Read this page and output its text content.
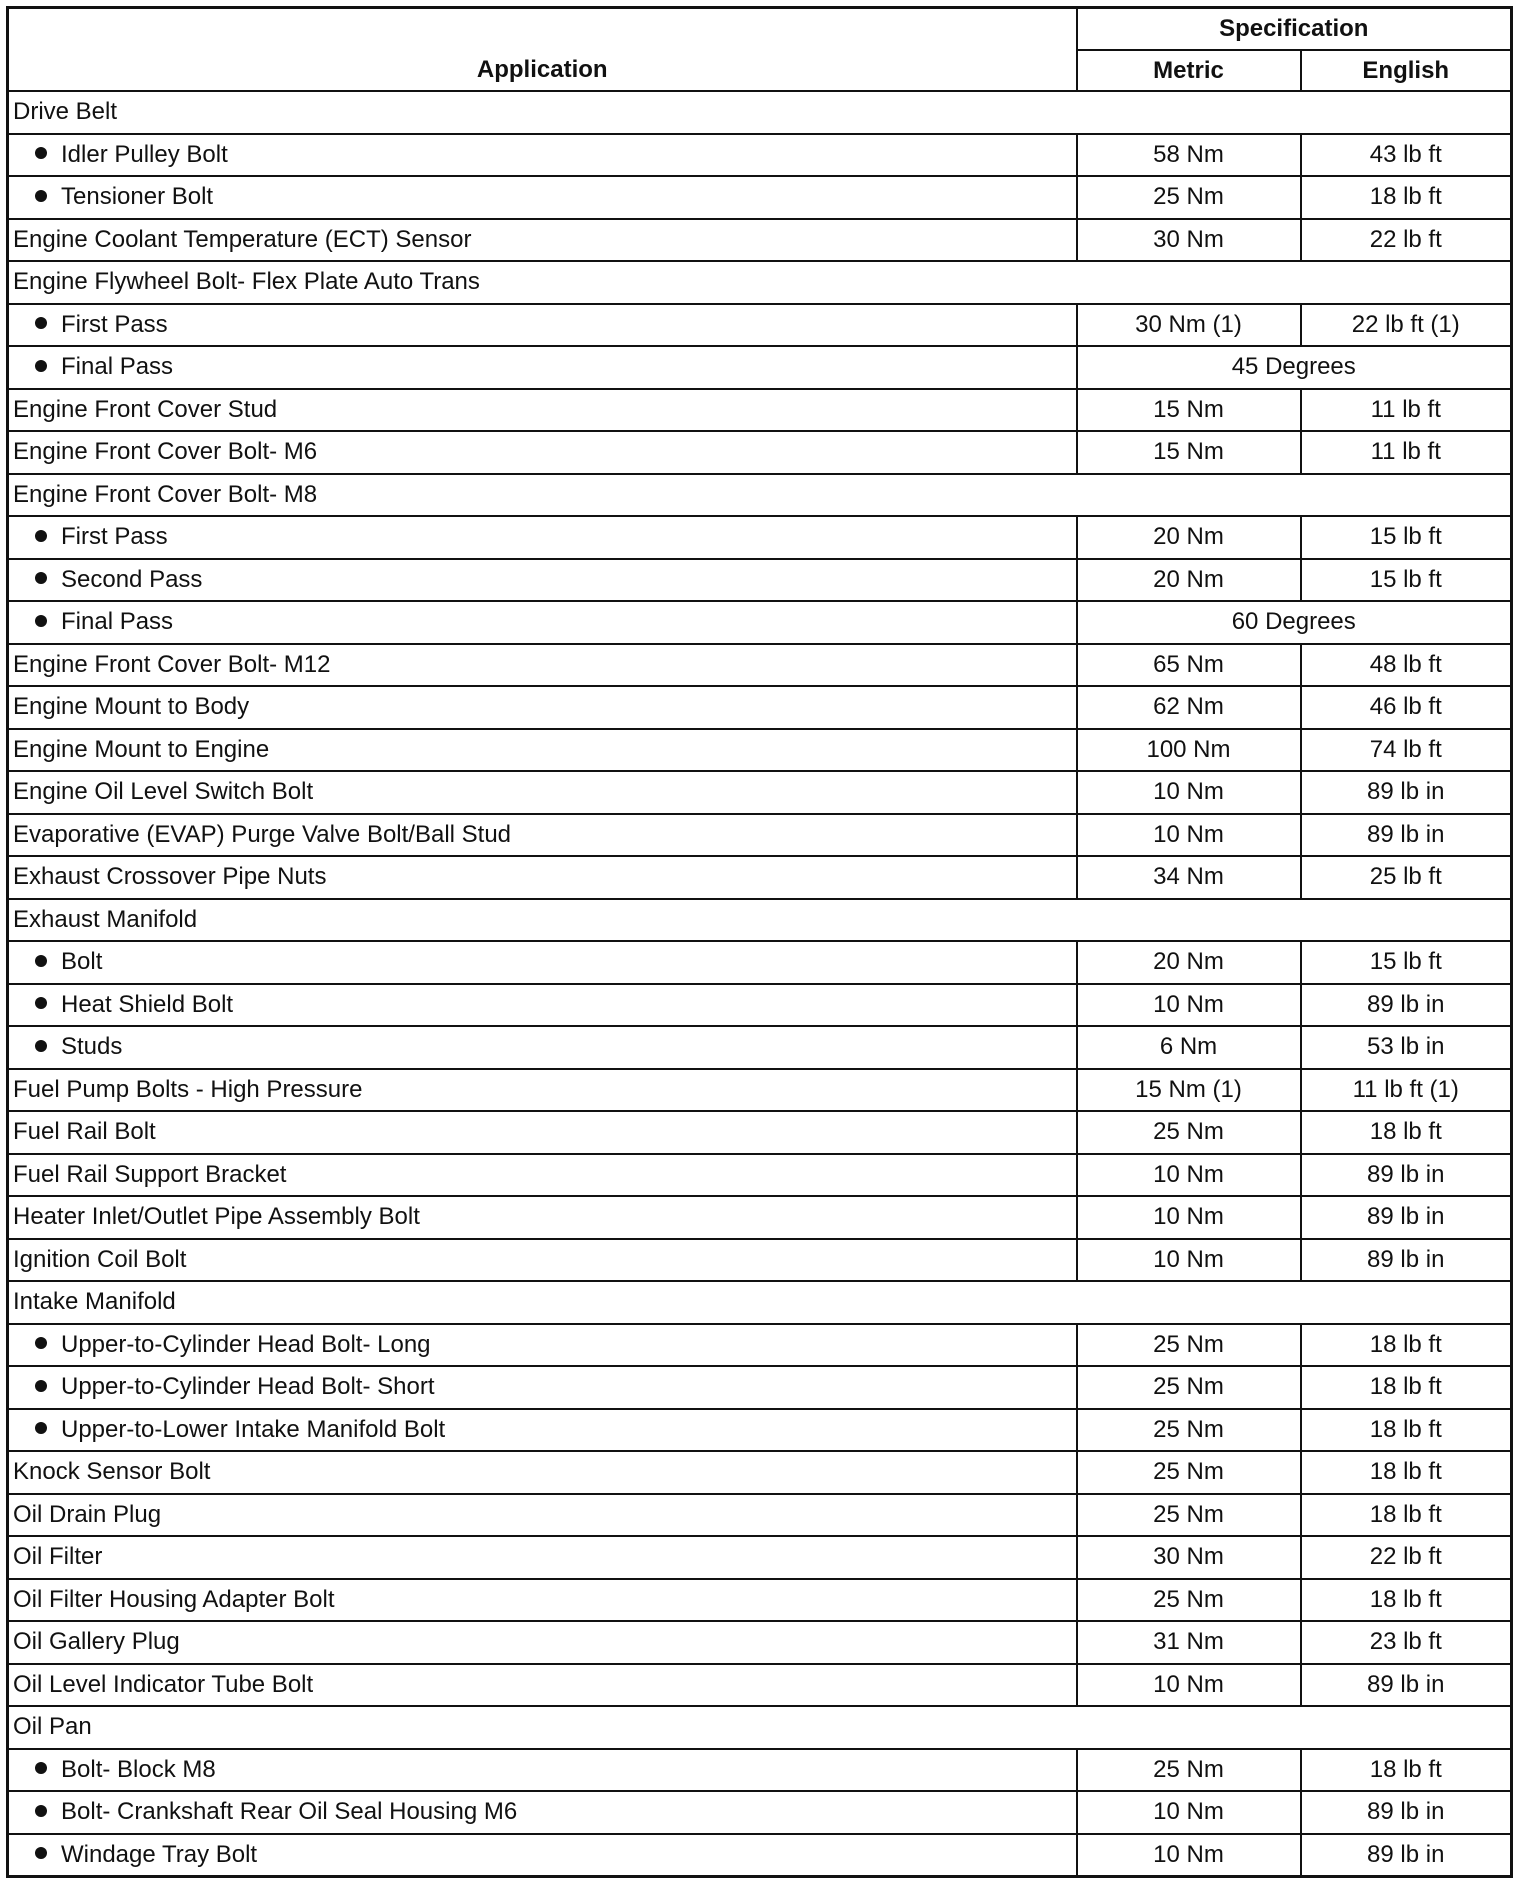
Application	Specification	
	Metric	English
Drive Belt		
Idler Pulley Bolt	58 Nm	43 lb ft
Tensioner Bolt	25 Nm	18 lb ft
Engine Coolant Temperature (ECT) Sensor	30 Nm	22 lb ft
Engine Flywheel Bolt- Flex Plate Auto Trans		
First Pass	30 Nm (1)	22 lb ft (1)
Final Pass	45 Degrees	
Engine Front Cover Stud	15 Nm	11 lb ft
Engine Front Cover Bolt- M6	15 Nm	11 lb ft
Engine Front Cover Bolt- M8		
First Pass	20 Nm	15 lb ft
Second Pass	20 Nm	15 lb ft
Final Pass	60 Degrees	
Engine Front Cover Bolt- M12	65 Nm	48 lb ft
Engine Mount to Body	62 Nm	46 lb ft
Engine Mount to Engine	100 Nm	74 lb ft
Engine Oil Level Switch Bolt	10 Nm	89 lb in
Evaporative (EVAP) Purge Valve Bolt/Ball Stud	10 Nm	89 lb in
Exhaust Crossover Pipe Nuts	34 Nm	25 lb ft
Exhaust Manifold		
Bolt	20 Nm	15 lb ft
Heat Shield Bolt	10 Nm	89 lb in
Studs	6 Nm	53 lb in
Fuel Pump Bolts - High Pressure	15 Nm (1)	11 lb ft (1)
Fuel Rail Bolt	25 Nm	18 lb ft
Fuel Rail Support Bracket	10 Nm	89 lb in
Heater Inlet/Outlet Pipe Assembly Bolt	10 Nm	89 lb in
Ignition Coil Bolt	10 Nm	89 lb in
Intake Manifold		
Upper-to-Cylinder Head Bolt- Long	25 Nm	18 lb ft
Upper-to-Cylinder Head Bolt- Short	25 Nm	18 lb ft
Upper-to-Lower Intake Manifold Bolt	25 Nm	18 lb ft
Knock Sensor Bolt	25 Nm	18 lb ft
Oil Drain Plug	25 Nm	18 lb ft
Oil Filter	30 Nm	22 lb ft
Oil Filter Housing Adapter Bolt	25 Nm	18 lb ft
Oil Gallery Plug	31 Nm	23 lb ft
Oil Level Indicator Tube Bolt	10 Nm	89 lb in
Oil Pan		
Bolt- Block M8	25 Nm	18 lb ft
Bolt- Crankshaft Rear Oil Seal Housing M6	10 Nm	89 lb in
Windage Tray Bolt	10 Nm	89 lb in
